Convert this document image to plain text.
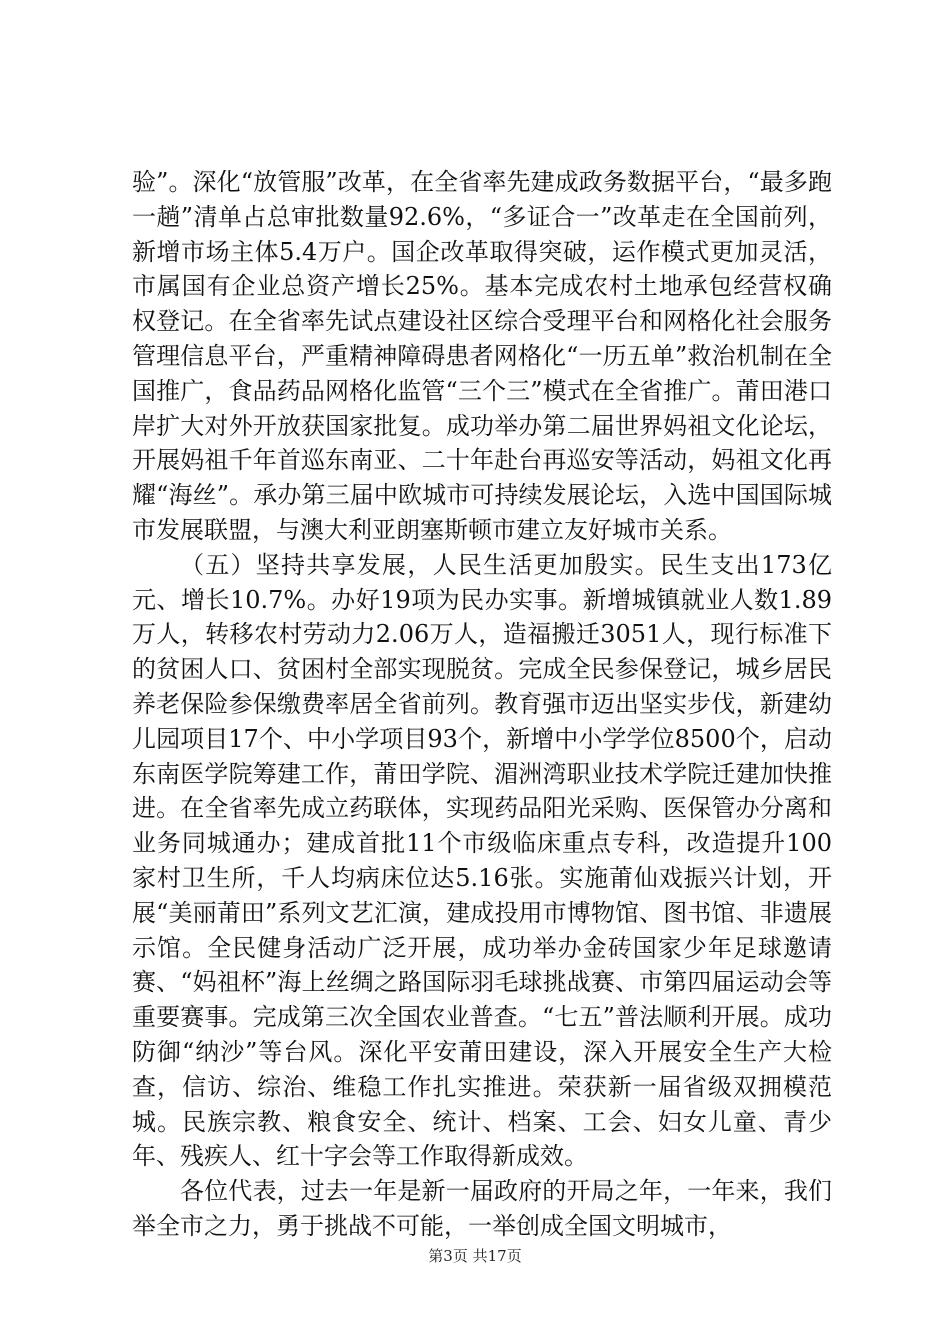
验”。深化“放管服”改革，在全省率先建成政务数据平台，“最多跑一趟”清单占总审批数量92.6%，“多证合一”改革走在全国前列，新增市场主体5.4万户。国企改革取得突破，运作模式更加灵活，市属国有企业总资产增长25%。基本完成农村土地承包经营权确权登记。在全省率先试点建设社区综合受理平台和网格化社会服务管理信息平台，严重精神障碍患者网格化“一历五单”救治机制在全国推广，食品药品网格化监管“三个三”模式在全省推广。莆田港口岸扩大对外开放获国家批复。成功举办第二届世界妈祖文化论坛，开展妈祖千年首巡东南亚、二十年赴台再巡安等活动，妈祖文化再耀“海丝”。承办第三届中欧城市可持续发展论坛，入选中国国际城市发展联盟，与澳大利亚朗塞斯顿市建立友好城市关系。

（五）坚持共享发展，人民生活更加殷实。民生支出173亿元、增长10.7%。办好19项为民办实事。新增城镇就业人数1.89万人，转移农村劳动力2.06万人，造福搬迁3051人，现行标准下的贫困人口、贫困村全部实现脱贫。完成全民参保登记，城乡居民养老保险参保缴费率居全省前列。教育强市迈出坚实步伐，新建幼儿园项目17个、中小学项目93个，新增中小学学位8500个，启动东南医学院筹建工作，莆田学院、湄洲湾职业技术学院迁建加快推进。在全省率先成立药联体，实现药品阳光采购、医保管办分离和业务同城通办；建成首批11个市级临床重点专科，改造提升100家村卫生所，千人均病床位达5.16张。实施莆仙戏振兴计划，开展“美丽莆田”系列文艺汇演，建成投用市博物馆、图书馆、非遗展示馆。全民健身活动广泛开展，成功举办金砖国家少年足球邀请赛、“妈祖杯”海上丝绸之路国际羽毛球挑战赛、市第四届运动会等重要赛事。完成第三次全国农业普查。“七五”普法顺利开展。成功防御“纳沙”等台风。深化平安莆田建设，深入开展安全生产大检查，信访、综治、维稳工作扎实推进。荣获新一届省级双拥模范城。民族宗教、粮食安全、统计、档案、工会、妇女儿童、青少年、残疾人、红十字会等工作取得新成效。

各位代表，过去一年是新一届政府的开局之年，一年来，我们举全市之力，勇于挑战不可能，一举创成全国文明城市，

第3页 共17页
